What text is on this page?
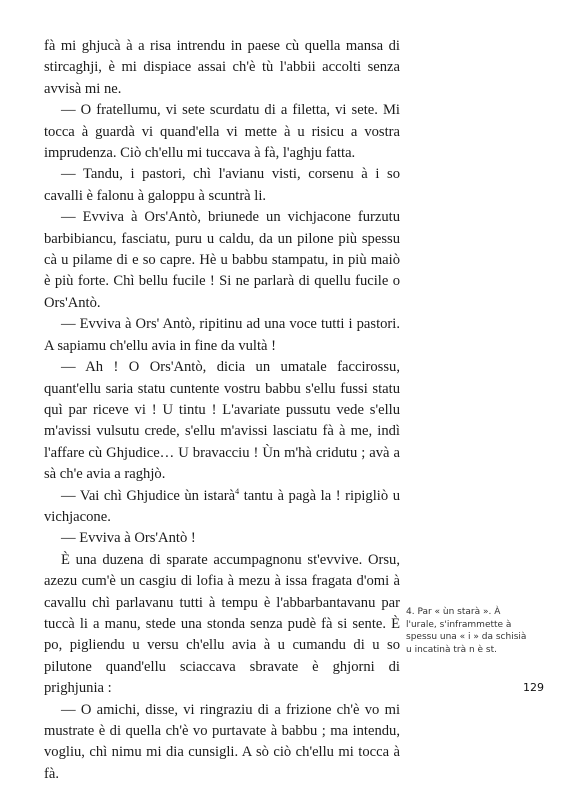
fà mi ghjucà à a risa intrendu in paese cù quella mansa di stircaghji, è mi dispiace assai ch'è tù l'abbii accolti senza avvisà mi ne.

— O fratellumu, vi sete scurdatu di a filetta, vi sete. Mi tocca à guardà vi quand'ella vi mette à u risicu a vostra imprudenza. Ciò ch'ellu mi tuccava à fà, l'aghju fatta.

— Tandu, i pastori, chì l'avianu visti, corsenu à i so cavalli è falonu à galoppu à scuntrà li.

— Evviva à Ors'Antò, briunede un vichjacone furzutu barbibiancu, fasciatu, puru u caldu, da un pilone più spessu cà u pilame di e so capre. Hè u babbu stampatu, in più maiò è più forte. Chì bellu fucile ! Si ne parlarà di quellu fucile o Ors'Antò.

— Evviva à Ors' Antò, ripitinu ad una voce tutti i pastori. A sapiamu ch'ellu avia in fine da vultà !

— Ah ! O Ors'Antò, dicia un umatale faccirossu, quant'ellu saria statu cuntente vostru babbu s'ellu fussi statu quì par riceve vi ! U tintu ! L'avariate pussutu vede s'ellu m'avissi vulsutu crede, s'ellu m'avissi lasciatu fà à me, indì l'affare cù Ghjudice… U bravacciu ! Ùn m'hà cridutu ; avà a sà ch'e avia a raghjò.

— Vai chì Ghjudice ùn istarà$^4$ tantu à pagà la ! ripigliò u vichjacone.

— Evviva à Ors'Antò !

È una duzena di sparate accumpagnonu st'evvive. Orsu, azezu cum'è un casgiu di lofia à mezu à issa fragata d'omi à cavallu chì parlavanu tutti à tempu è l'abbarbantavanu par tuccà li a manu, stede una stonda senza pudè fà si sente. È po, pigliendu u versu ch'ellu avia à u cumandu di u so pilutone quand'ellu sciaccava sbravate è ghjorni di prighjunia :

— O amichi, disse, vi ringraziu di a frizione ch'è vo mi mustrate è di quella ch'è vo purtavate à babbu ; ma intendu, vogliu, chì nimu mi dia cunsigli. A sò ciò ch'ellu mi tocca à fà.

4. Par « ùn starà ». À l'urale, s'inframmette à spessu una « i » da schisià u incatinà trà n è st.
129
